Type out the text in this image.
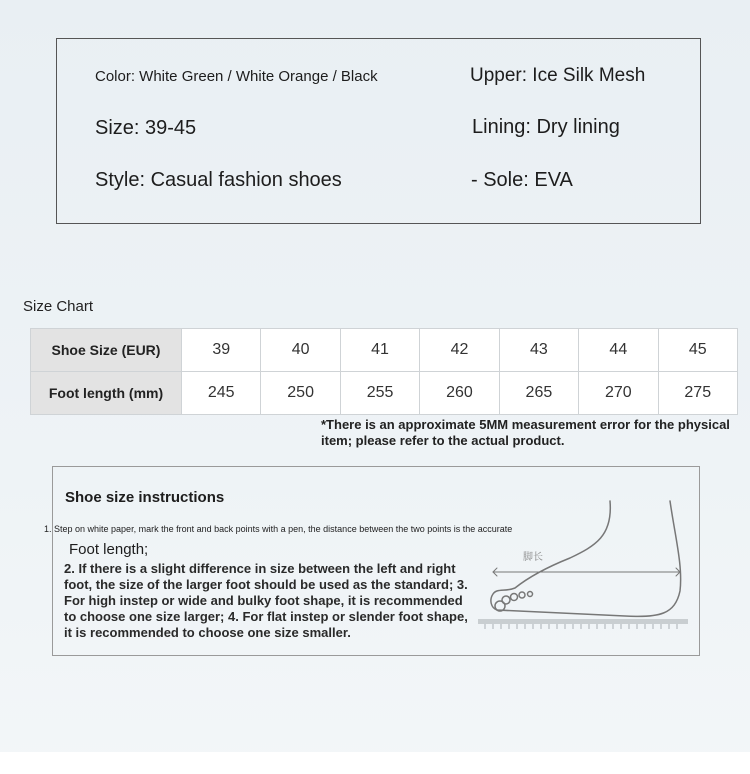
Color: White Green / White Orange / Black	Upper: Ice Silk Mesh
Size: 39-45	Lining: Dry lining
Style: Casual fashion shoes	- Sole: EVA
Size Chart
Shoe Size (EUR)	39	40	41	42	43	44	45
Foot length (mm)	245	250	255	260	265	270	275
*There is an approximate 5MM measurement error for the physical item; please refer to the actual product.
Shoe size instructions
1. Step on white paper, mark the front and back points with a pen, the distance between the two points is the accurate
Foot length;
2. If there is a slight difference in size between the left and right foot, the size of the larger foot should be used as the standard; 3. For high instep or wide and bulky foot shape, it is recommended to choose one size larger; 4. For flat instep or slender foot shape, it is recommended to choose one size smaller.
脚长
